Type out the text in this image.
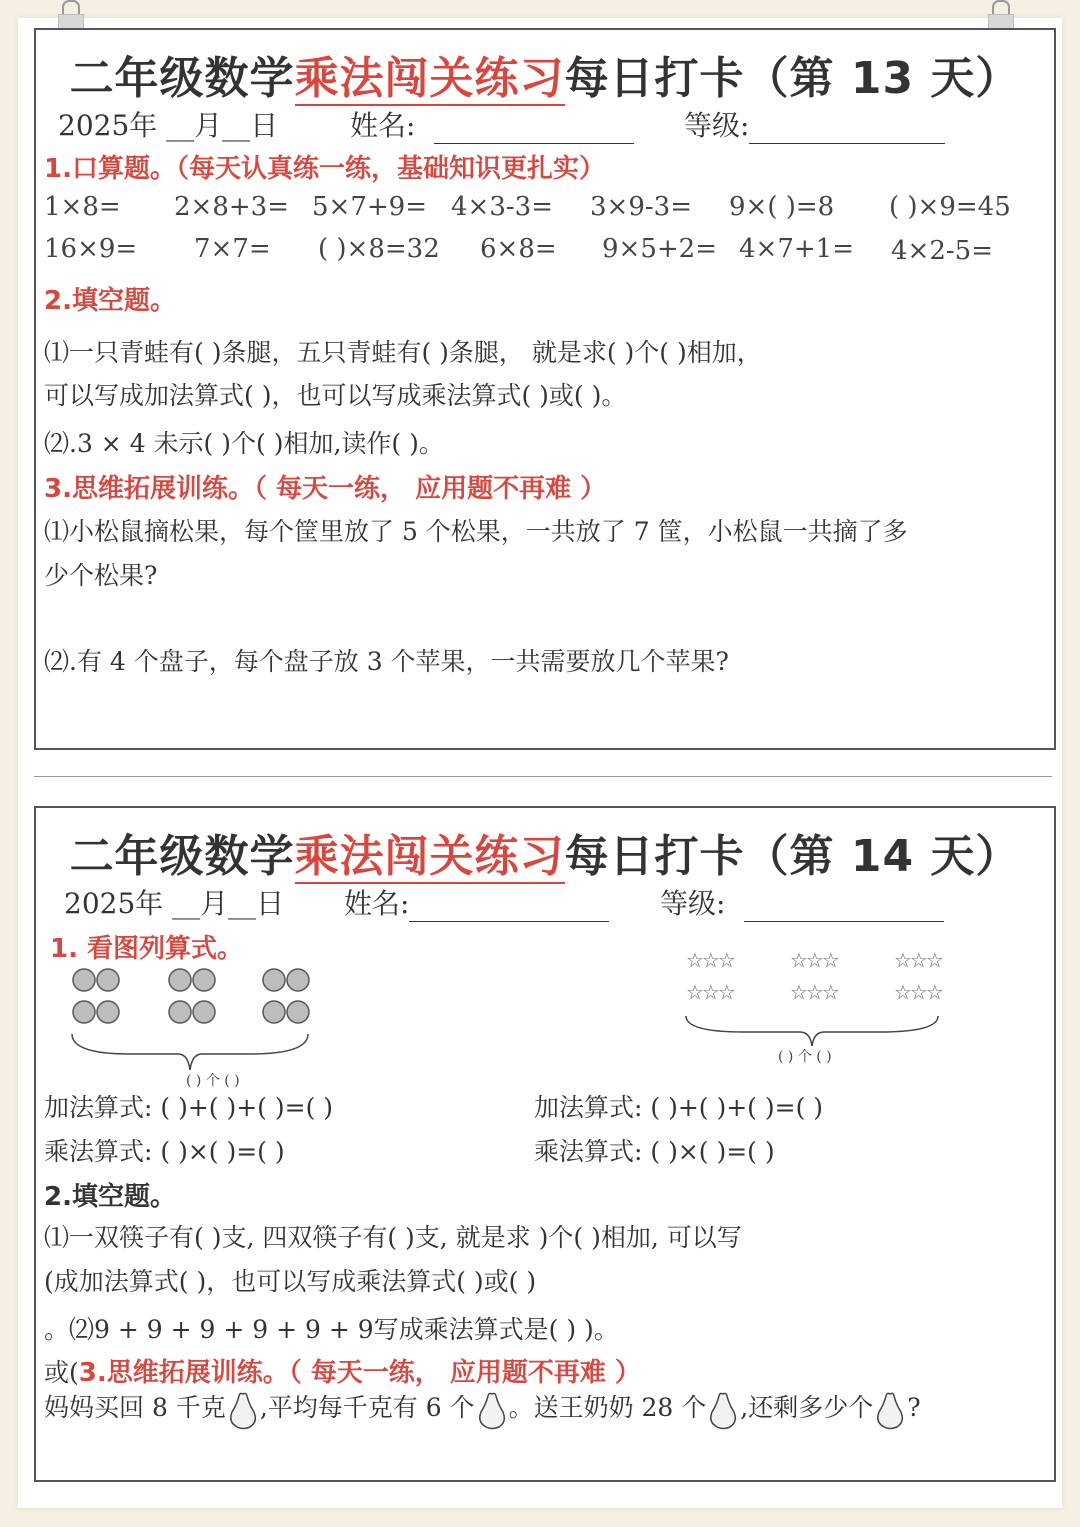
二年级数学乘法闯关练习每日打卡（第 13 天）
2025年 __月__日	姓名:	等级:
1.口算题。（每天认真练一练，基础知识更扎实）
1×8= 2×8+3= 5×7+9= 4×3-3= 3×9-3= 9×( )=8 ( )×9=45
16×9= 7×7= ( )×8=32 6×8= 9×5+2= 4×7+1= 4×2-5=
2.填空题。
⑴一只青蛙有( )条腿，五只青蛙有( )条腿， 就是求( )个( )相加，
可以写成加法算式( )，也可以写成乘法算式( )或( )。
⑵.3 × 4 未示( )个( )相加,读作( )。
3.思维拓展训练。（ 每天一练， 应用题不再难 ）
⑴小松鼠摘松果，每个筐里放了 5 个松果，一共放了 7 筐，小松鼠一共摘了多
少个松果?
⑵.有 4 个盘子，每个盘子放 3 个苹果，一共需要放几个苹果?
二年级数学乘法闯关练习每日打卡（第 14 天）
2025年 __月__日 姓名:	等级:
1. 看图列算式。
( ) 个 ( )
☆☆☆	☆☆☆	☆☆☆
☆☆☆	☆☆☆	☆☆☆
( ) 个 ( )
加法算式: ( )+( )+( )=( )	加法算式: ( )+( )+( )=( )
乘法算式: ( )×( )=( )	乘法算式: ( )×( )=( )
2.填空题。
⑴一双筷子有( )支, 四双筷子有( )支, 就是求 )个( )相加, 可以写
(成加法算式( )，也可以写成乘法算式( )或( )
。⑵9 + 9 + 9 + 9 + 9 + 9写成乘法算式是( ) )。
或(3.思维拓展训练。（ 每天一练， 应用题不再难 ）
妈妈买回 8 千克 ,平均每千克有 6 个 。送王奶奶 28 个 ,还剩多少个 ?
